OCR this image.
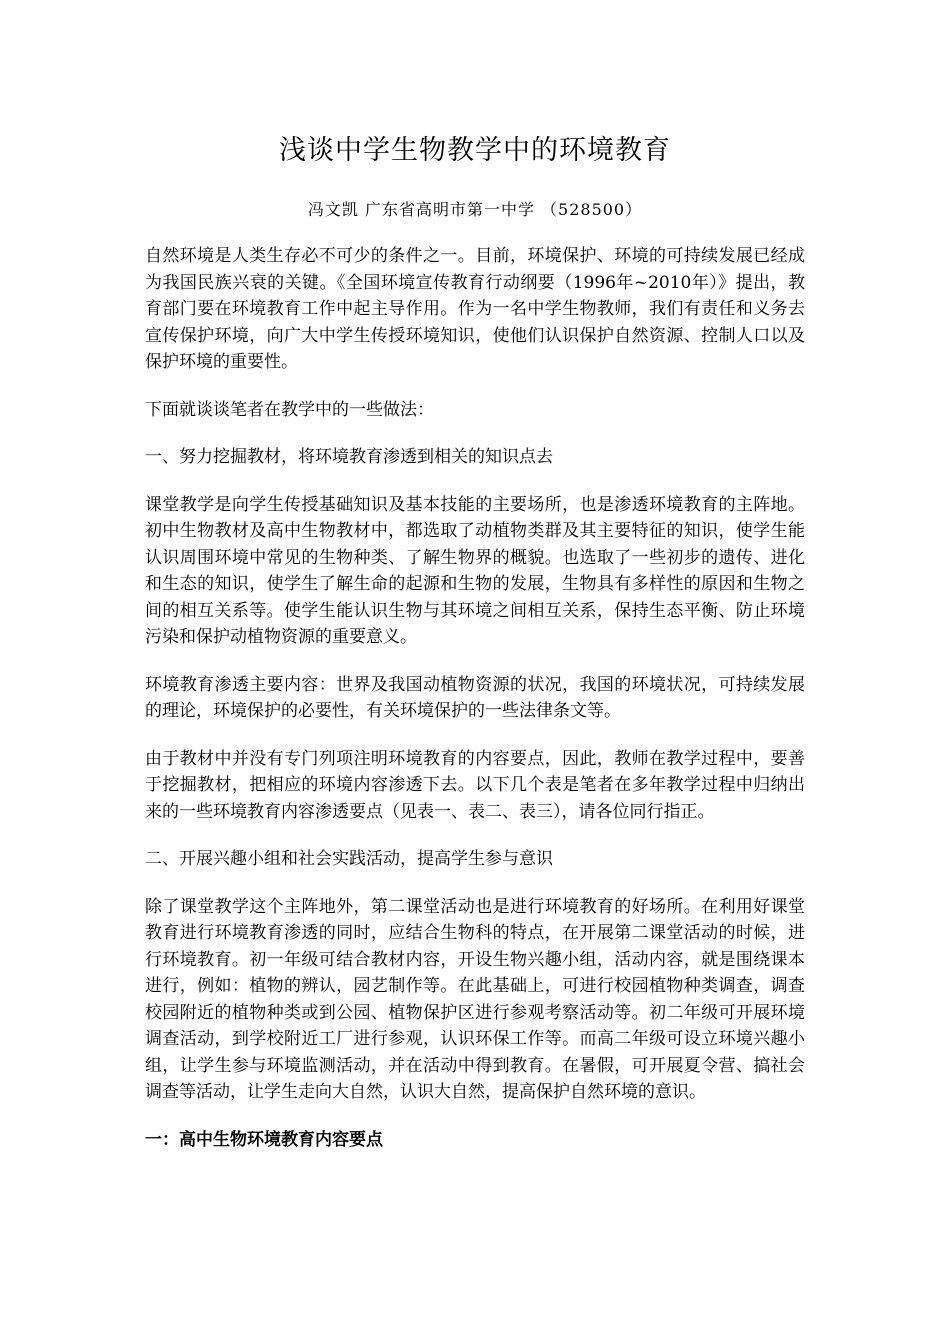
浅谈中学生物教学中的环境教育
冯文凯 广东省高明市第一中学 （528500）

自然环境是人类生存必不可少的条件之一。目前，环境保护、环境的可持续发展已经成为我国民族兴衰的关键。《全国环境宣传教育行动纲要（1996年~2010年）》提出，教育部门要在环境教育工作中起主导作用。作为一名中学生物教师，我们有责任和义务去宣传保护环境，向广大中学生传授环境知识，使他们认识保护自然资源、控制人口以及保护环境的重要性。

下面就谈谈笔者在教学中的一些做法：

一、努力挖掘教材，将环境教育渗透到相关的知识点去

课堂教学是向学生传授基础知识及基本技能的主要场所，也是渗透环境教育的主阵地。初中生物教材及高中生物教材中，都选取了动植物类群及其主要特征的知识，使学生能认识周围环境中常见的生物种类、了解生物界的概貌。也选取了一些初步的遗传、进化和生态的知识，使学生了解生命的起源和生物的发展，生物具有多样性的原因和生物之间的相互关系等。使学生能认识生物与其环境之间相互关系，保持生态平衡、防止环境污染和保护动植物资源的重要意义。

环境教育渗透主要内容：世界及我国动植物资源的状况，我国的环境状况，可持续发展的理论，环境保护的必要性，有关环境保护的一些法律条文等。

由于教材中并没有专门列项注明环境教育的内容要点，因此，教师在教学过程中，要善于挖掘教材，把相应的环境内容渗透下去。以下几个表是笔者在多年教学过程中归纳出来的一些环境教育内容渗透要点（见表一、表二、表三），请各位同行指正。

二、开展兴趣小组和社会实践活动，提高学生参与意识

除了课堂教学这个主阵地外，第二课堂活动也是进行环境教育的好场所。在利用好课堂教育进行环境教育渗透的同时，应结合生物科的特点，在开展第二课堂活动的时候，进行环境教育。初一年级可结合教材内容，开设生物兴趣小组，活动内容，就是围绕课本进行，例如：植物的辨认，园艺制作等。在此基础上，可进行校园植物种类调查，调查校园附近的植物种类或到公园、植物保护区进行参观考察活动等。初二年级可开展环境调查活动，到学校附近工厂进行参观，认识环保工作等。而高二年级可设立环境兴趣小组，让学生参与环境监测活动，并在活动中得到教育。在暑假，可开展夏令营、搞社会调查等活动，让学生走向大自然，认识大自然，提高保护自然环境的意识。

一：高中生物环境教育内容要点
